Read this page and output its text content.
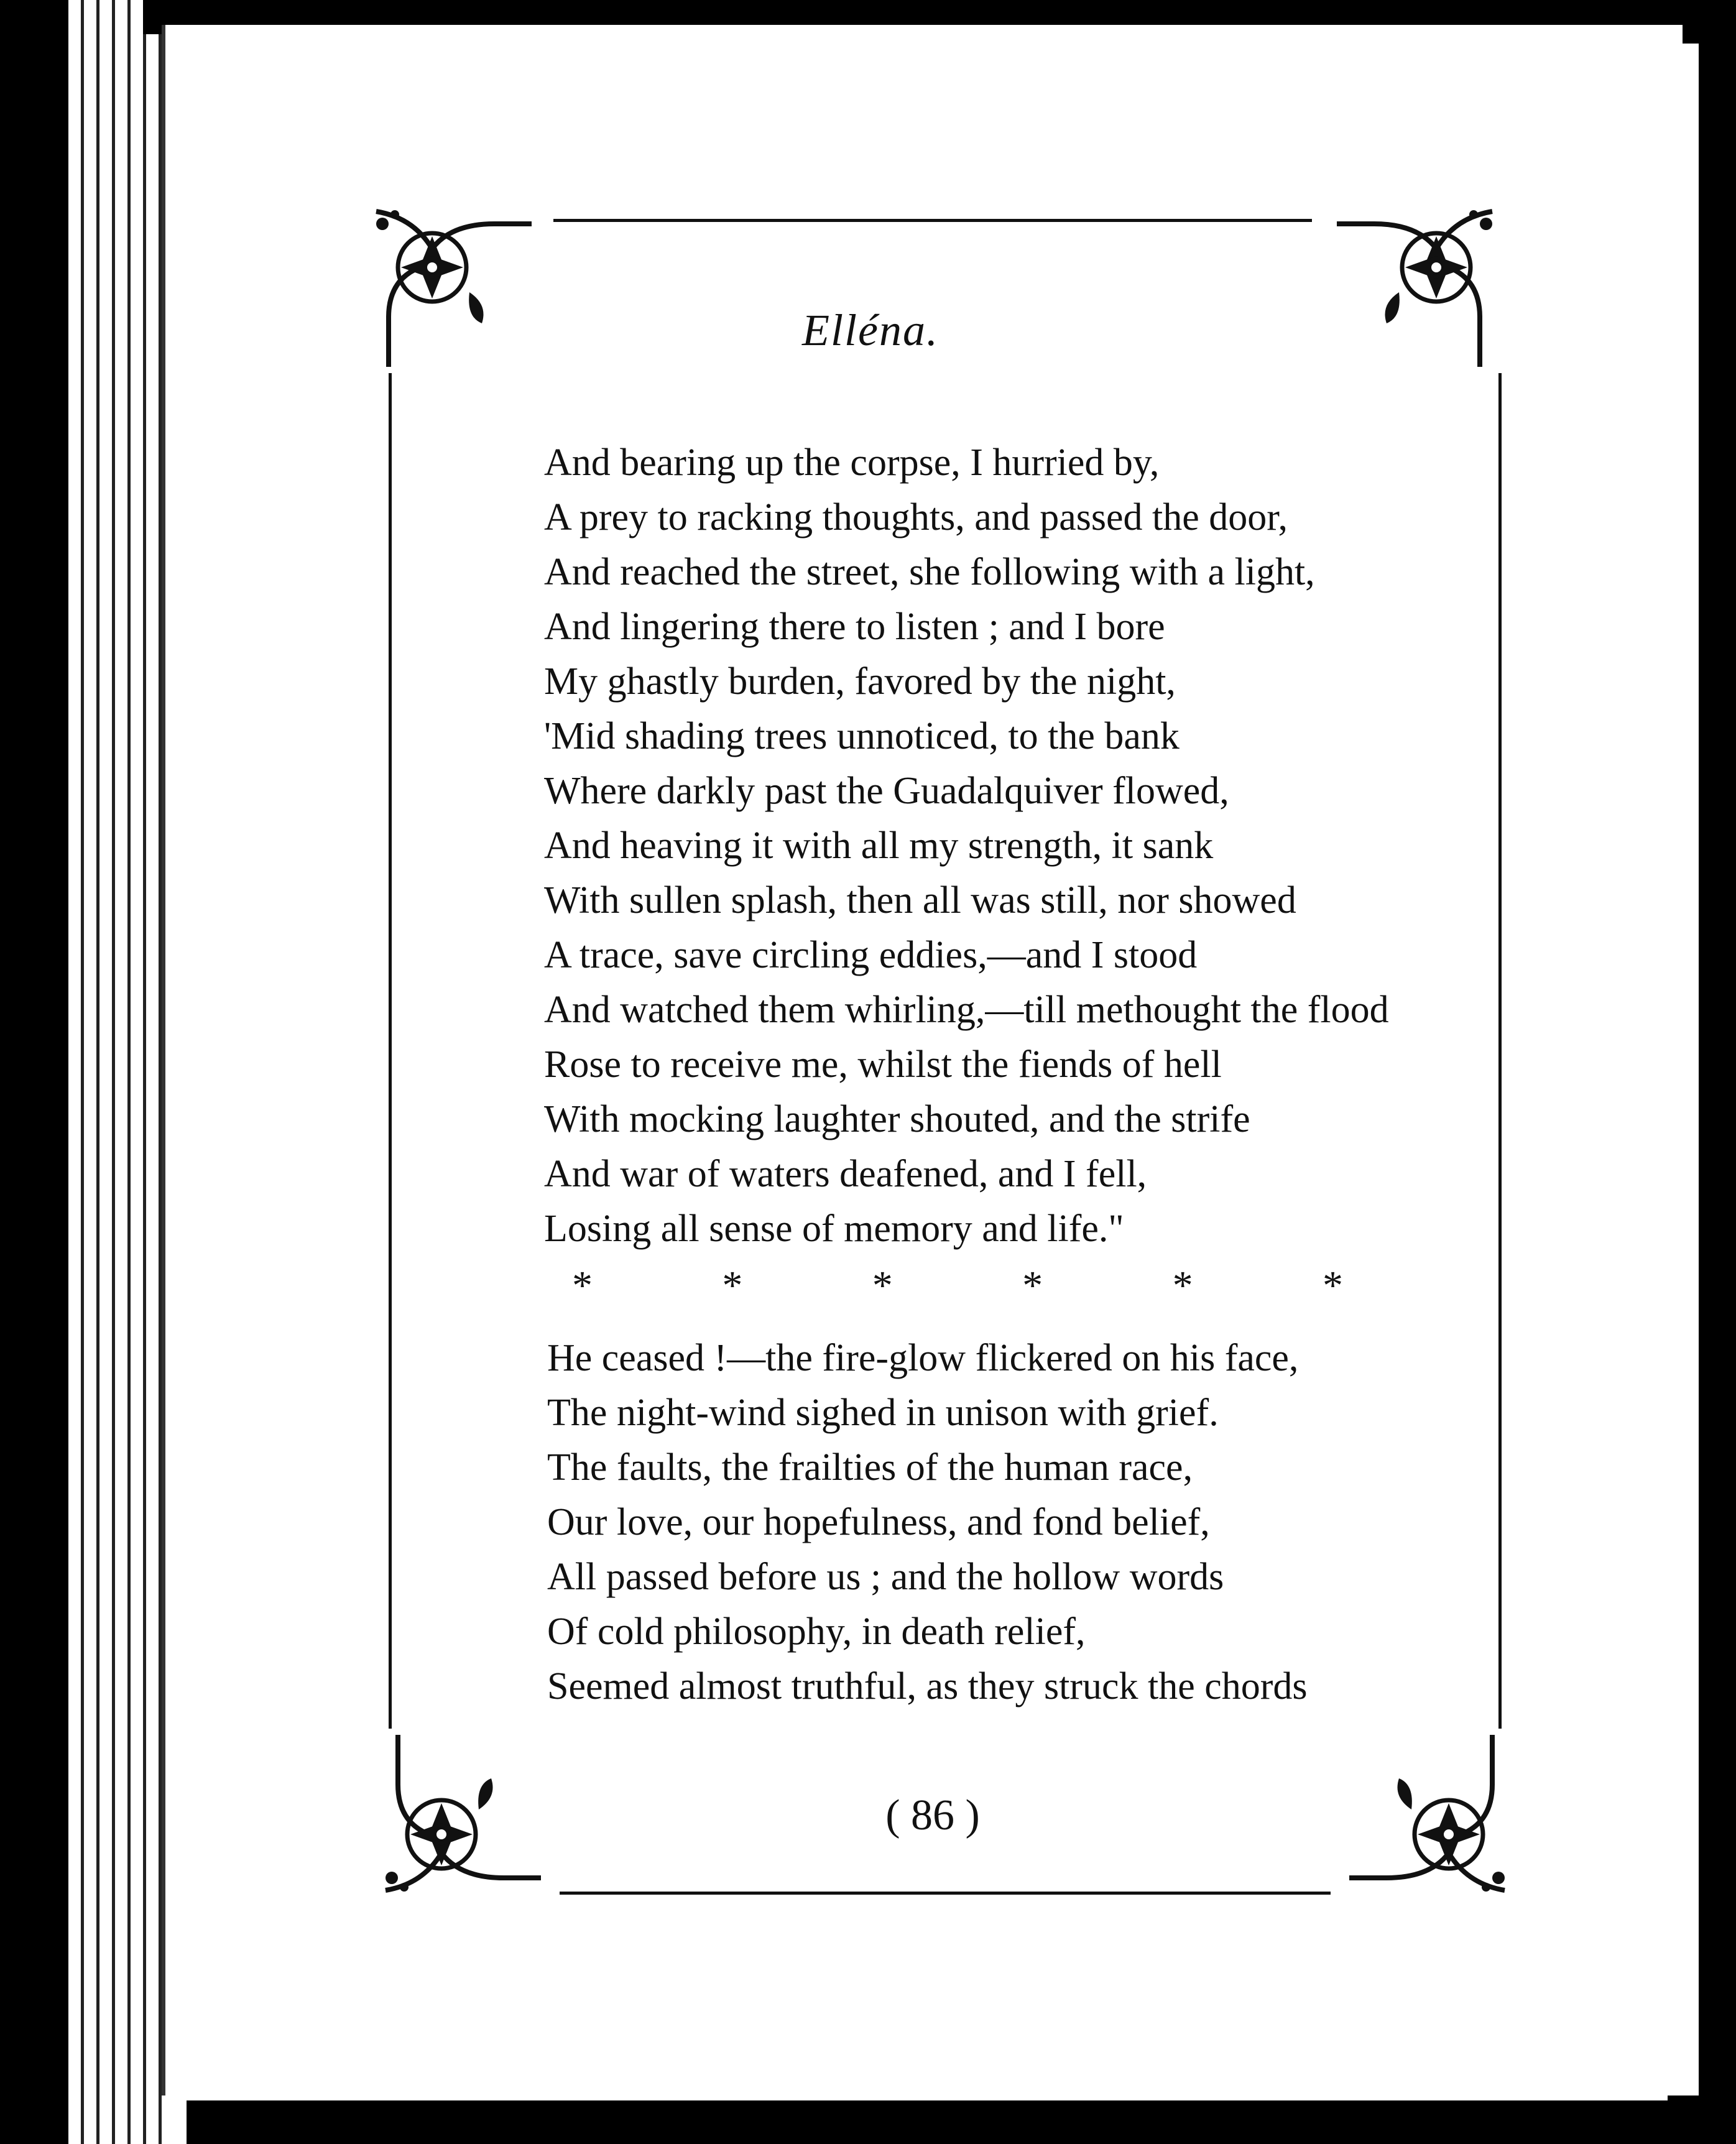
Elléna.
And bearing up the corpse, I hurried by,
A prey to racking thoughts, and passed the door,
And reached the street, she following with a light,
And lingering there to listen ; and I bore
My ghastly burden, favored by the night,
'Mid shading trees unnoticed, to the bank
Where darkly past the Guadalquiver flowed,
And heaving it with all my strength, it sank
With sullen splash, then all was still, nor showed
A trace, save circling eddies,—and I stood
And watched them whirling,—till methought the flood
Rose to receive me, whilst the fiends of hell
With mocking laughter shouted, and the strife
And war of waters deafened, and I fell,
Losing all sense of memory and life."
*	*	*	*	*	*
He ceased !—the fire-glow flickered on his face,
The night-wind sighed in unison with grief.
The faults, the frailties of the human race,
Our love, our hopefulness, and fond belief,
All passed before us ; and the hollow words
Of cold philosophy, in death relief,
Seemed almost truthful, as they struck the chords
( 86 )
